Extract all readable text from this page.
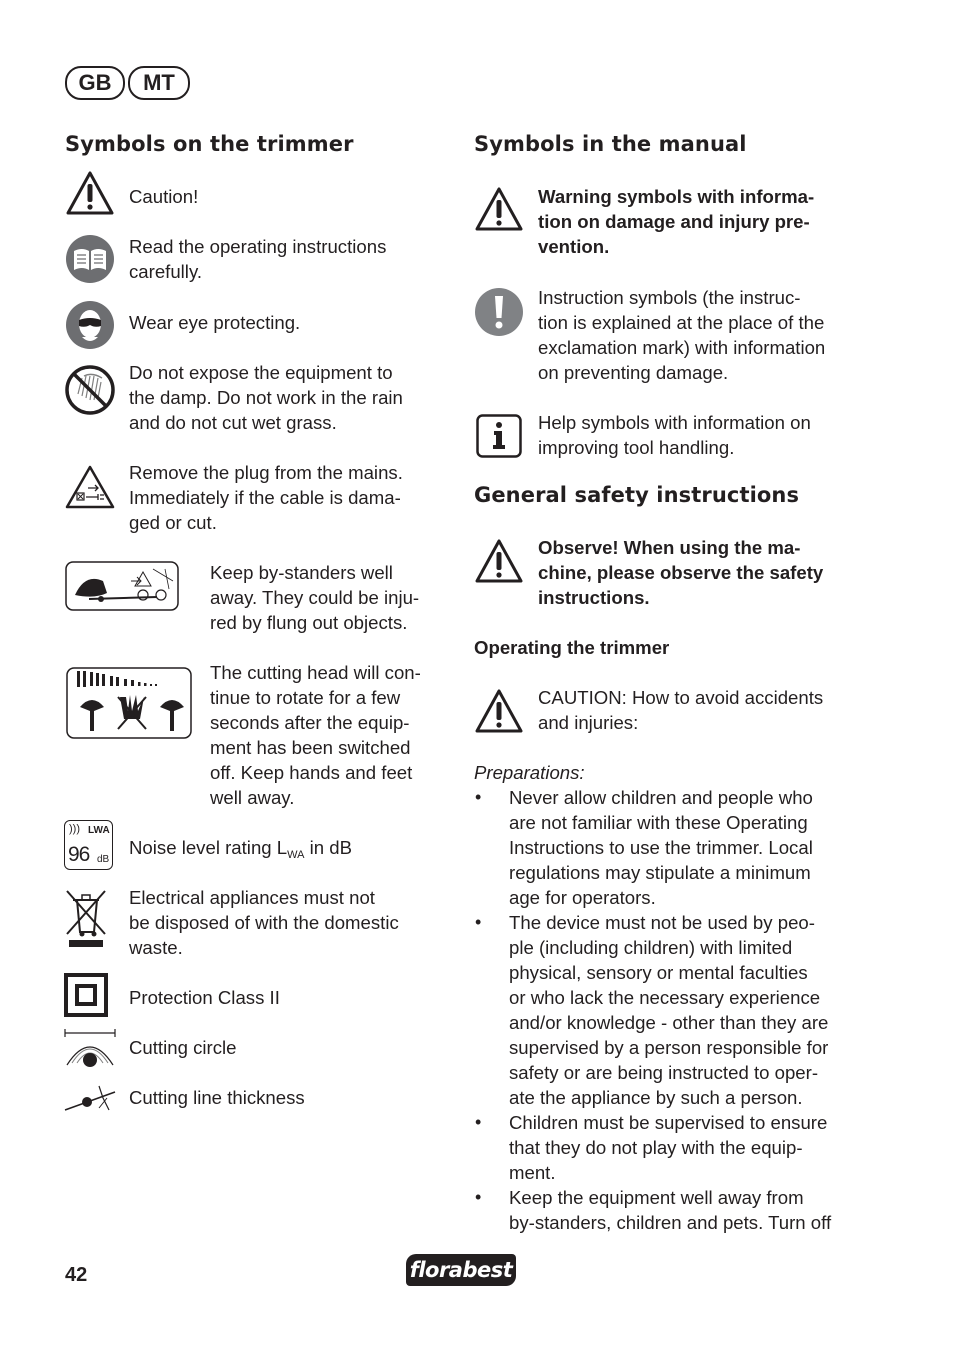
GB	MT
Symbols on the trimmer

Caution!

Read the operating instructions
carefully.

Wear eye protecting.

Do not expose the equipment to
the damp. Do not work in the rain
and do not cut wet grass.

Remove the plug from the mains.
Immediately if the cable is dama-
ged or cut.

Keep by-standers well
away. They could be inju-
red by flung out objects.

The cutting head will con-
tinue to rotate for a few
seconds after the equip-
ment has been switched
off. Keep hands and feet
well away.

))) LWA
96 dB

Noise level rating $L_{WA}$ in dB

Electrical appliances must not
be disposed of with the domestic
waste.

Protection Class II

Cutting circle

Cutting line thickness

Symbols in the manual

Warning symbols with informa-
tion on damage and injury pre-
vention.

Instruction symbols (the instruc-
tion is explained at the place of the
exclamation mark) with information
on preventing damage.

Help symbols with information on
improving tool handling.

General safety instructions

Observe! When using the ma-
chine, please observe the safety
instructions.

Operating the trimmer

CAUTION: How to avoid accidents
and injuries:

Preparations:

• Never allow children and people who
are not familiar with these Operating
Instructions to use the trimmer. Local
regulations may stipulate a minimum
age for operators.

• The device must not be used by peo-
ple (including children) with limited
physical, sensory or mental faculties
or who lack the necessary experience
and/or knowledge - other than they are
supervised by a person responsible for
safety or are being instructed to oper-
ate the appliance by such a person.

• Children must be supervised to ensure
that they do not play with the equip-
ment.

• Keep the equipment well away from
by-standers, children and pets. Turn off

42	florabest
